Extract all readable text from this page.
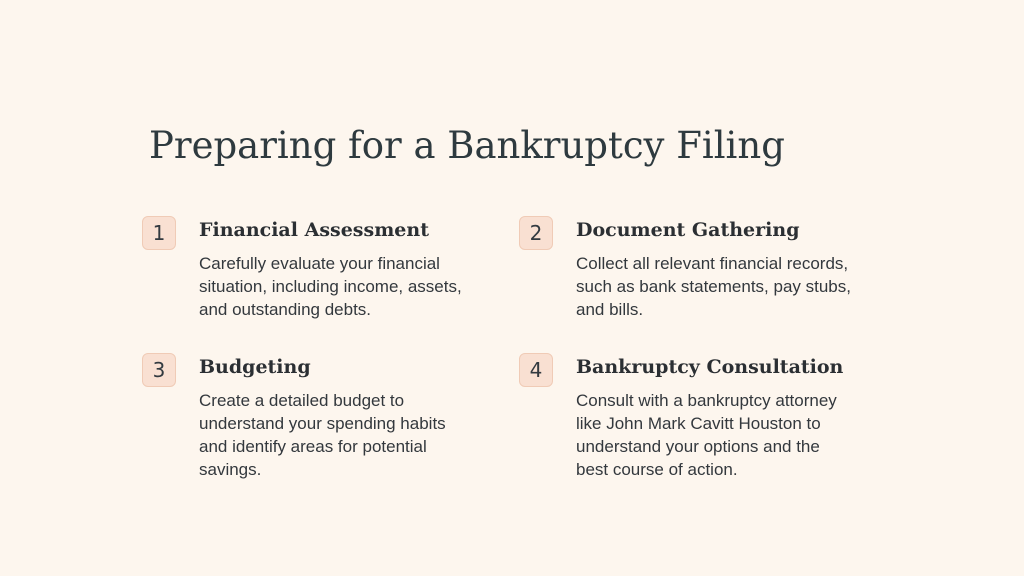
Preparing for a Bankruptcy Filing
1	Financial Assessment

Carefully evaluate your financial
situation, including income, assets,
and outstanding debts.

2	Document Gathering

Collect all relevant financial records,
such as bank statements, pay stubs,
and bills.

3	Budgeting

Create a detailed budget to
understand your spending habits
and identify areas for potential
savings.

4	Bankruptcy Consultation

Consult with a bankruptcy attorney
like John Mark Cavitt Houston to
understand your options and the
best course of action.
